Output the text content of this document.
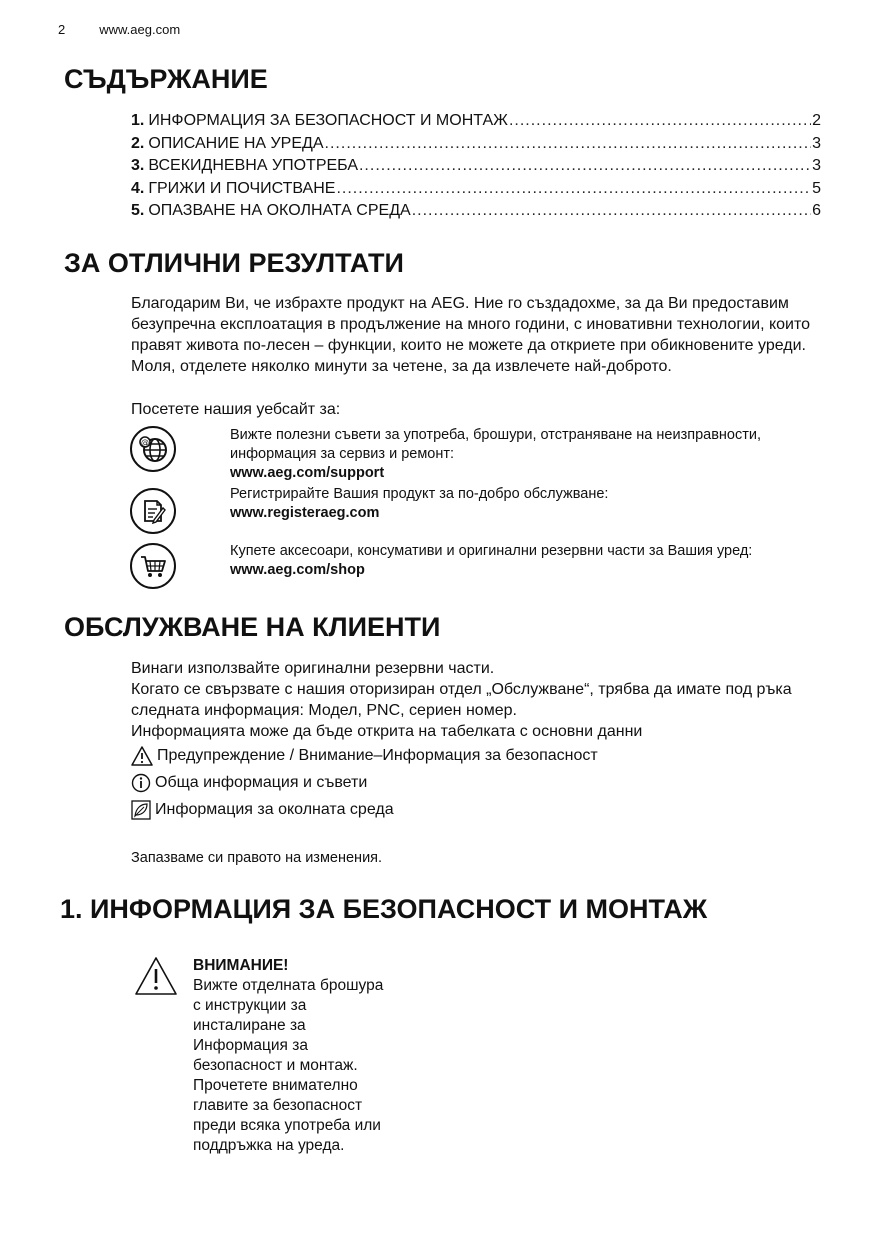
2	www.aeg.com
СЪДЪРЖАНИЕ
1. ИНФОРМАЦИЯ ЗА БЕЗОПАСНОСТ И МОНТАЖ .....	2
2. ОПИСАНИЕ НА УРЕДА .....	3
3. ВСЕКИДНЕВНА УПОТРЕБА .....	3
4. ГРИЖИ И ПОЧИСТВАНЕ .....	5
5. ОПАЗВАНЕ НА ОКОЛНАТА СРЕДА .....	6
ЗА ОТЛИЧНИ РЕЗУЛТАТИ

Благодарим Ви, че избрахте продукт на AEG. Ние го създадохме, за да Ви предоставим безупречна експлоатация в продължение на много години, с иновативни технологии, които правят живота по-лесен – функции, които не можете да откриете при обикновените уреди. Моля, отделете няколко минути за четене, за да извлечете най-доброто.

Посетете нашия уебсайт за:

@	Вижте полезни съвети за употреба, брошури, отстраняване на неизправности, информация за сервиз и ремонт:
www.aeg.com/support
Регистрирайте Вашия продукт за по-добро обслужване:
www.registeraeg.com
Купете аксесоари, консумативи и оригинални резервни части за Вашия уред:
www.aeg.com/shop
ОБСЛУЖВАНЕ НА КЛИЕНТИ
Винаги използвайте оригинални резервни части.
Когато се свързвате с нашия оторизиран отдел „Обслужване“, трябва да имате под ръка следната информация: Модел, PNC, сериен номер.
Информацията може да бъде открита на табелката с основни данни
Предупреждение / Внимание–Информация за безопасност
Обща информация и съвети
Информация за околната среда
Запазваме си правото на изменения.
1. ИНФОРМАЦИЯ ЗА БЕЗОПАСНОСТ И МОНТАЖ
ВНИМАНИЕ!
Вижте отделната брошура
с инструкции за
инсталиране за
Информация за
безопасност и монтаж.
Прочетете внимателно
главите за безопасност
преди всяка употреба или
поддръжка на уреда.
